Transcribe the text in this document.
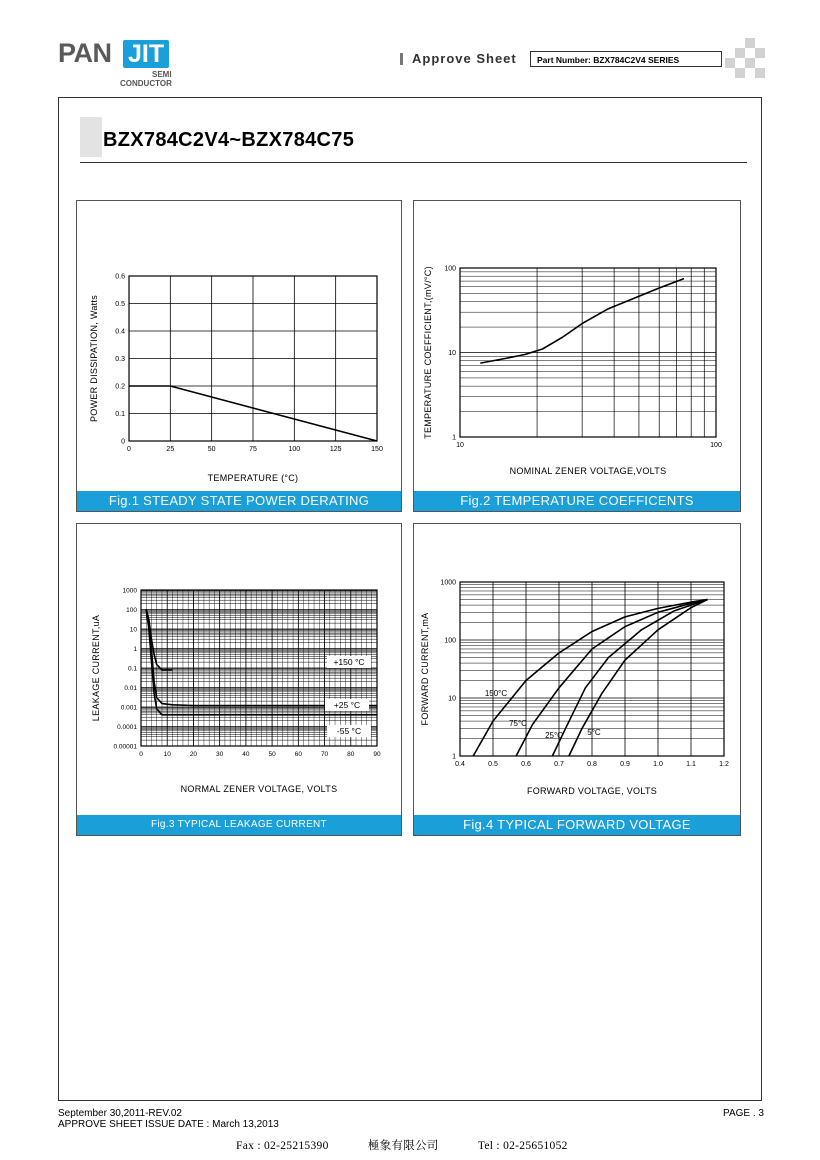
PAN JIT
SEMI
CONDUCTOR
Approve Sheet	Part Number: BZX784C2V4 SERIES
BZX784C2V4~BZX784C75
0
0.1
0.2
0.3
0.4
0.5
0.6
0	25	50	75	100	125	150
TEMPERATURE (°C)
POWER DISSIPATION, Watts
Fig.1 STEADY STATE POWER DERATING
1
10
100
10	100
NOMINAL ZENER VOLTAGE,VOLTS
TEMPERATURE COEFFICIENT,(mV/°C)
Fig.2 TEMPERATURE COEFFICENTS
0.00001
0.0001
0.001
0.01
0.1
1
10
100
1000
0	10	20	30	40	50	60	70	80	90
NORMAL ZENER VOLTAGE, VOLTS
LEAKAGE CURRENT,uA	+150 °C
+25 °C
-55 °C
Fig.3 TYPICAL LEAKAGE CURRENT
1
10
100
1000
0.4	0.5	0.6	0.7	0.8	0.9	1.0	1.1	1.2
FORWARD VOLTAGE, VOLTS
FORWARD CURRENT,mA	150°C
75°C
25°C	5°C
Fig.4 TYPICAL FORWARD VOLTAGE
September 30,2011-REV.02
APPROVE SHEET ISSUE DATE : March 13,2013
PAGE . 3
Fax : 02-25215390	極象有限公司	Tel : 02-25651052
